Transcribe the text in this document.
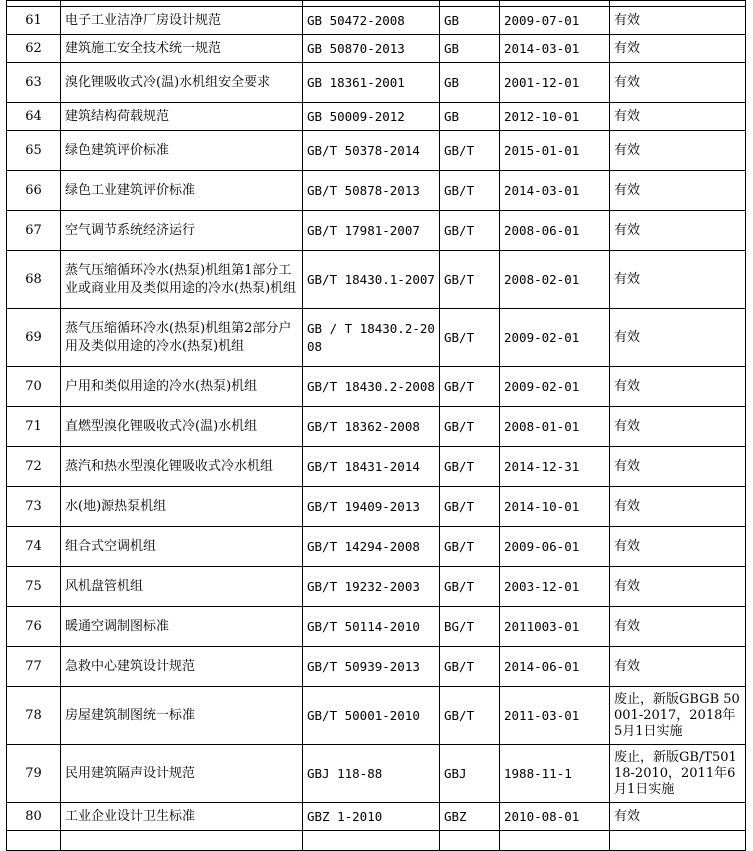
61	电子工业洁净厂房设计规范	GB 50472-2008	GB	2009-07-01	有效
62	建筑施工安全技术统一规范	GB 50870-2013	GB	2014-03-01	有效
63	溴化锂吸收式冷(温)水机组安全要求	GB 18361-2001	GB	2001-12-01	有效
64	建筑结构荷载规范	GB 50009-2012	GB	2012-10-01	有效
65	绿色建筑评价标准	GB/T 50378-2014	GB/T	2015-01-01	有效
66	绿色工业建筑评价标准	GB/T 50878-2013	GB/T	2014-03-01	有效
67	空气调节系统经济运行	GB/T 17981-2007	GB/T	2008-06-01	有效
68	蒸气压缩循环冷水(热泵)机组第1部分工业或商业用及类似用途的冷水(热泵)机组	GB/T 18430.1-2007	GB/T	2008-02-01	有效
69	蒸气压缩循环冷水(热泵)机组第2部分户用及类似用途的冷水(热泵)机组	GB / T 18430.2-2008	GB/T	2009-02-01	有效
70	户用和类似用途的冷水(热泵)机组	GB/T 18430.2-2008	GB/T	2009-02-01	有效
71	直燃型溴化锂吸收式冷(温)水机组	GB/T 18362-2008	GB/T	2008-01-01	有效
72	蒸汽和热水型溴化锂吸收式冷水机组	GB/T 18431-2014	GB/T	2014-12-31	有效
73	水(地)源热泵机组	GB/T 19409-2013	GB/T	2014-10-01	有效
74	组合式空调机组	GB/T 14294-2008	GB/T	2009-06-01	有效
75	风机盘管机组	GB/T 19232-2003	GB/T	2003-12-01	有效
76	暖通空调制图标准	GB/T 50114-2010	BG/T	2011003-01	有效
77	急救中心建筑设计规范	GB/T 50939-2013	GB/T	2014-06-01	有效
78	房屋建筑制图统一标准	GB/T 50001-2010	GB/T	2011-03-01	废止，新版GBGB 50001-2017，2018年5月1日实施
79	民用建筑隔声设计规范	GBJ 118-88	GBJ	1988-11-1	废止，新版GB/T50118-2010，2011年6月1日实施
80	工业企业设计卫生标准	GBZ 1-2010	GBZ	2010-08-01	有效
